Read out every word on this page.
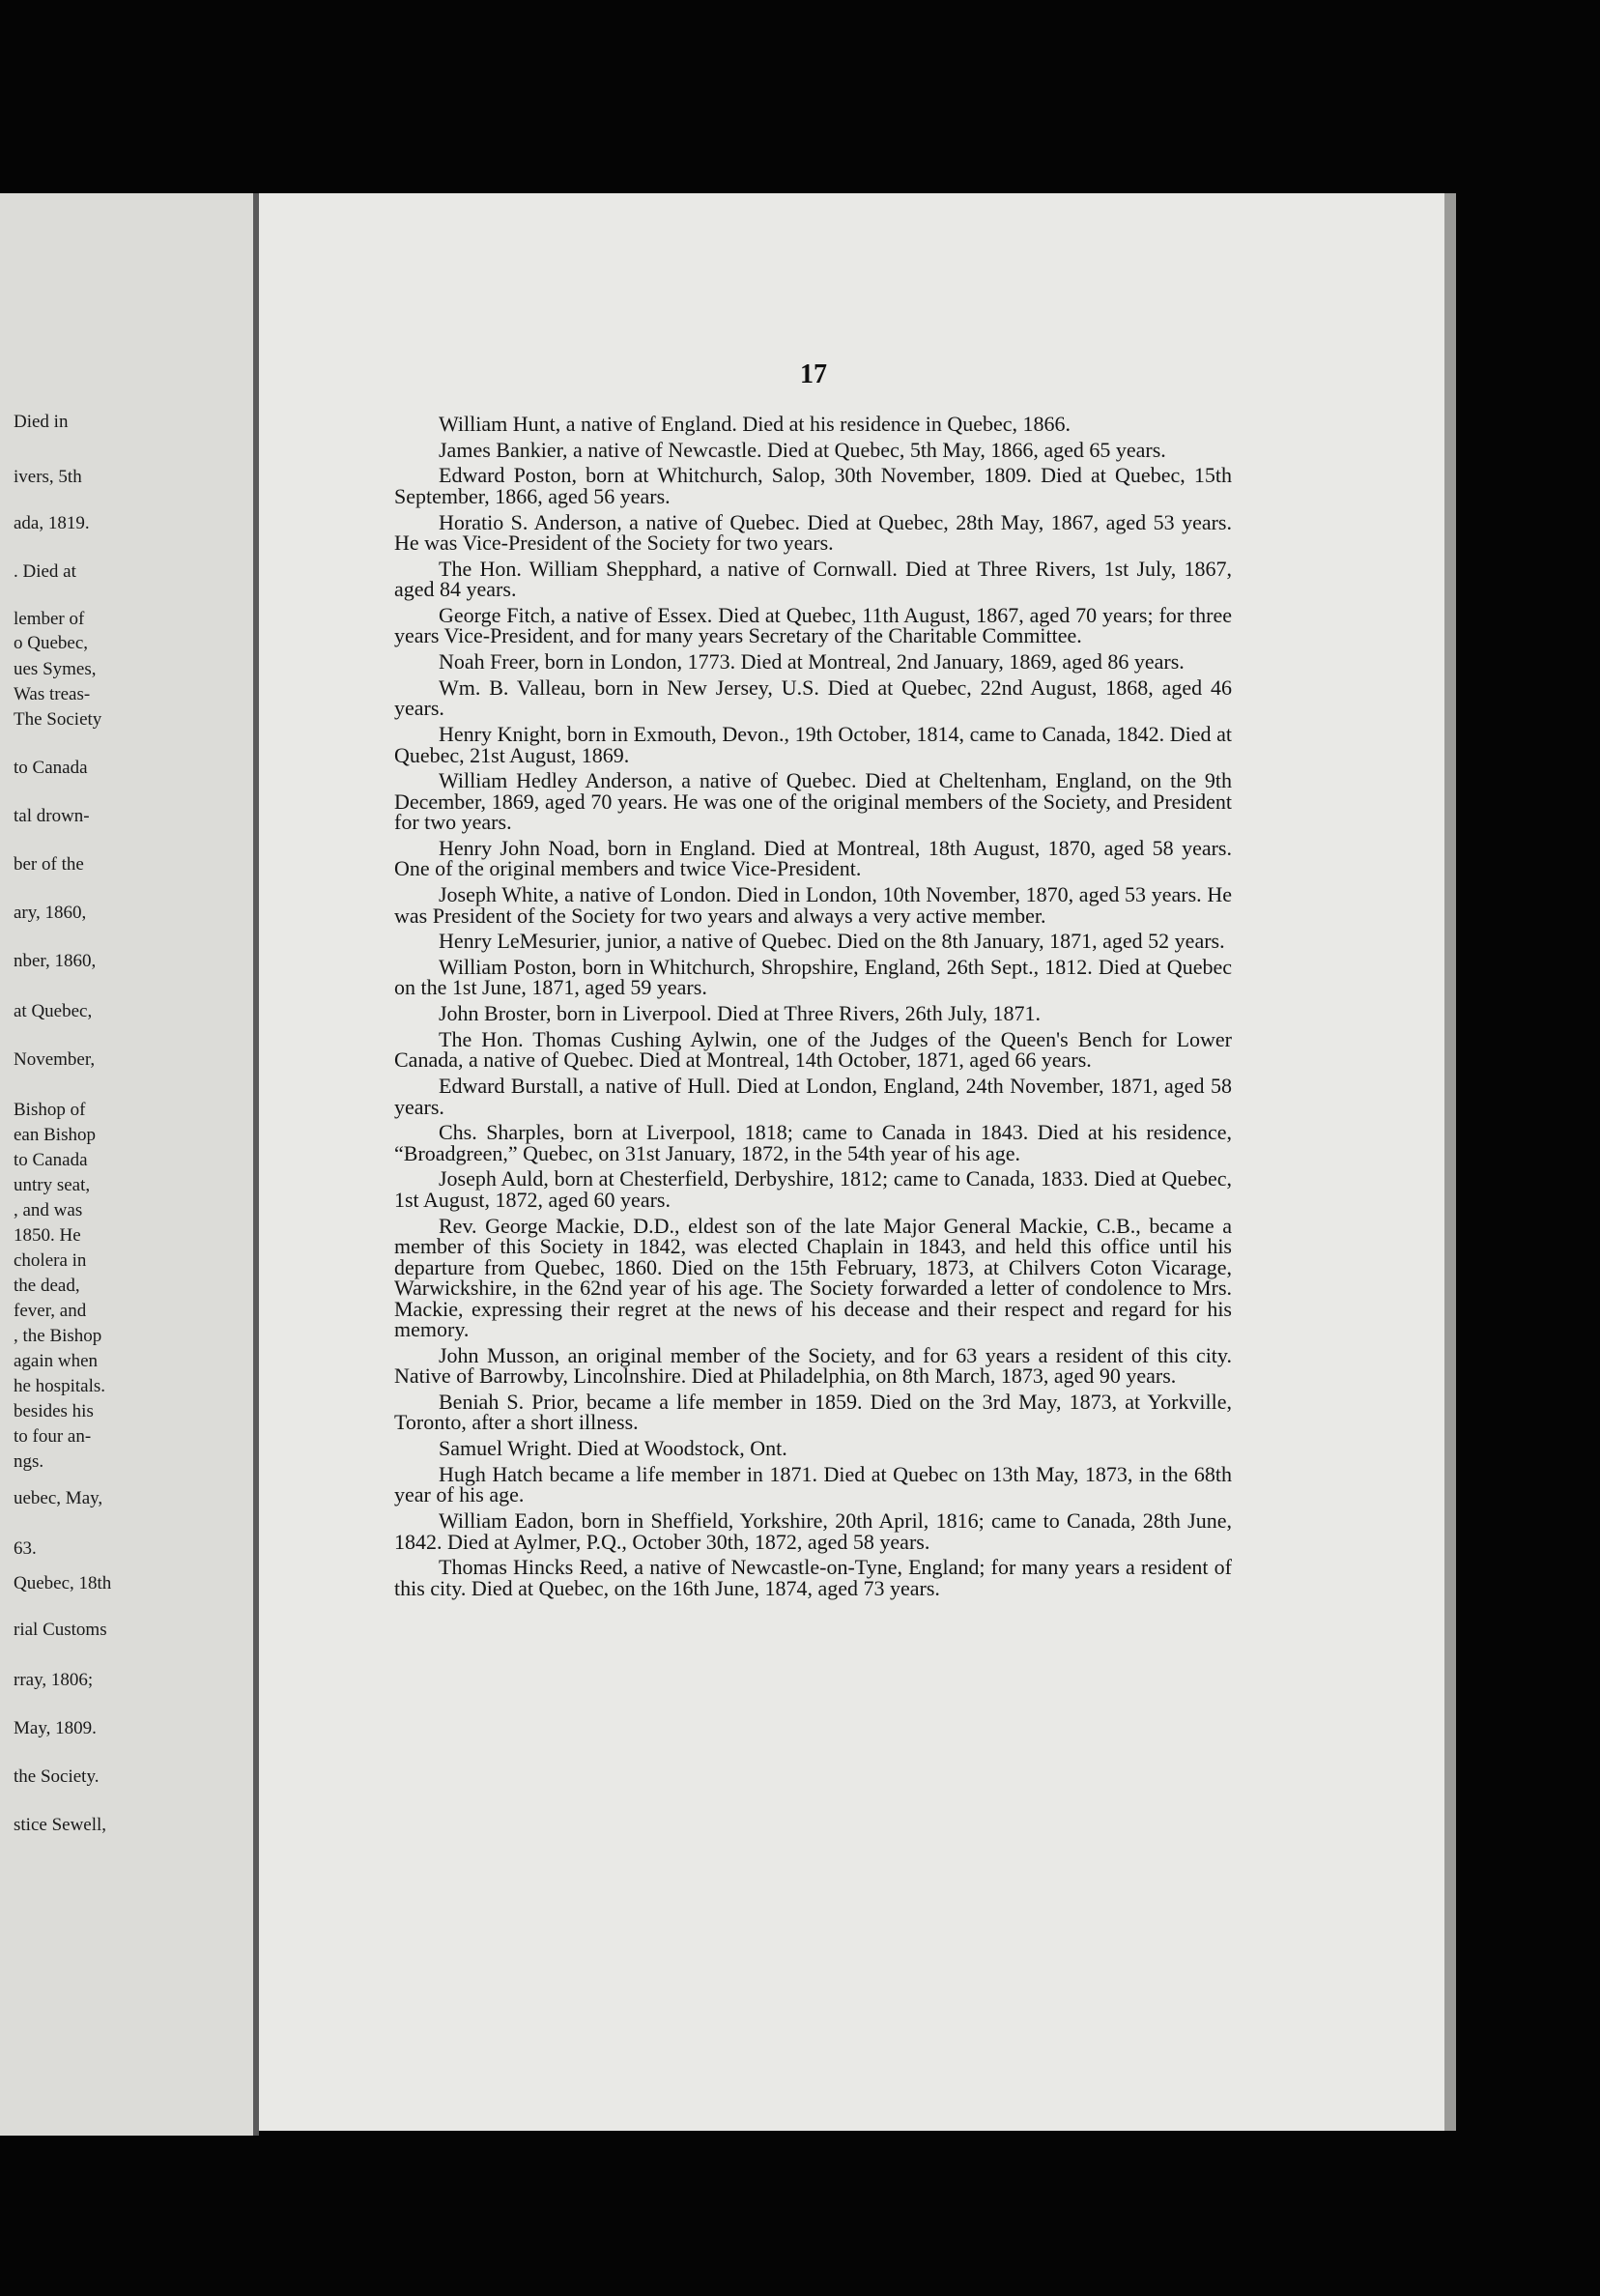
Died in
ivers, 5th
ada, 1819.
. Died at
lember of
o Quebec,
ues Symes,
Was treas-
The Society
to Canada
tal drown-
ber of the
ary, 1860,
nber, 1860,
at Quebec,
November,
Bishop of
ean Bishop
to Canada
untry seat,
, and was
1850. He
cholera in
the dead,
fever, and
, the Bishop
again when
he hospitals.
besides his
to four an-
ngs.
uebec, May,
63.
Quebec, 18th
rial Customs
rray, 1806;
May, 1809.
the Society.
stice Sewell,
17

William Hunt, a native of England. Died at his residence in Quebec, 1866.

James Bankier, a native of Newcastle. Died at Quebec, 5th May, 1866, aged 65 years.

Edward Poston, born at Whitchurch, Salop, 30th November, 1809. Died at Quebec, 15th September, 1866, aged 56 years.

Horatio S. Anderson, a native of Quebec. Died at Quebec, 28th May, 1867, aged 53 years. He was Vice-President of the Society for two years.

The Hon. William Shepphard, a native of Cornwall. Died at Three Rivers, 1st July, 1867, aged 84 years.

George Fitch, a native of Essex. Died at Quebec, 11th August, 1867, aged 70 years; for three years Vice-President, and for many years Secretary of the Charitable Committee.

Noah Freer, born in London, 1773. Died at Montreal, 2nd January, 1869, aged 86 years.

Wm. B. Valleau, born in New Jersey, U.S. Died at Quebec, 22nd August, 1868, aged 46 years.

Henry Knight, born in Exmouth, Devon., 19th October, 1814, came to Canada, 1842. Died at Quebec, 21st August, 1869.

William Hedley Anderson, a native of Quebec. Died at Cheltenham, England, on the 9th December, 1869, aged 70 years. He was one of the original members of the Society, and President for two years.

Henry John Noad, born in England. Died at Montreal, 18th August, 1870, aged 58 years. One of the original members and twice Vice-President.

Joseph White, a native of London. Died in London, 10th November, 1870, aged 53 years. He was President of the Society for two years and always a very active member.

Henry LeMesurier, junior, a native of Quebec. Died on the 8th January, 1871, aged 52 years.

William Poston, born in Whitchurch, Shropshire, England, 26th Sept., 1812. Died at Quebec on the 1st June, 1871, aged 59 years.

John Broster, born in Liverpool. Died at Three Rivers, 26th July, 1871.

The Hon. Thomas Cushing Aylwin, one of the Judges of the Queen's Bench for Lower Canada, a native of Quebec. Died at Montreal, 14th October, 1871, aged 66 years.

Edward Burstall, a native of Hull. Died at London, England, 24th November, 1871, aged 58 years.

Chs. Sharples, born at Liverpool, 1818; came to Canada in 1843. Died at his residence, “Broadgreen,” Quebec, on 31st January, 1872, in the 54th year of his age.

Joseph Auld, born at Chesterfield, Derbyshire, 1812; came to Canada, 1833. Died at Quebec, 1st August, 1872, aged 60 years.

Rev. George Mackie, D.D., eldest son of the late Major General Mackie, C.B., became a member of this Society in 1842, was elected Chaplain in 1843, and held this office until his departure from Quebec, 1860. Died on the 15th February, 1873, at Chilvers Coton Vicarage, Warwickshire, in the 62nd year of his age. The Society forwarded a letter of condolence to Mrs. Mackie, expressing their regret at the news of his decease and their respect and regard for his memory.

John Musson, an original member of the Society, and for 63 years a resident of this city. Native of Barrowby, Lincolnshire. Died at Philadelphia, on 8th March, 1873, aged 90 years.

Beniah S. Prior, became a life member in 1859. Died on the 3rd May, 1873, at Yorkville, Toronto, after a short illness.

Samuel Wright. Died at Woodstock, Ont.

Hugh Hatch became a life member in 1871. Died at Quebec on 13th May, 1873, in the 68th year of his age.

William Eadon, born in Sheffield, Yorkshire, 20th April, 1816; came to Canada, 28th June, 1842. Died at Aylmer, P.Q., October 30th, 1872, aged 58 years.

Thomas Hincks Reed, a native of Newcastle-on-Tyne, England; for many years a resident of this city. Died at Quebec, on the 16th June, 1874, aged 73 years.
